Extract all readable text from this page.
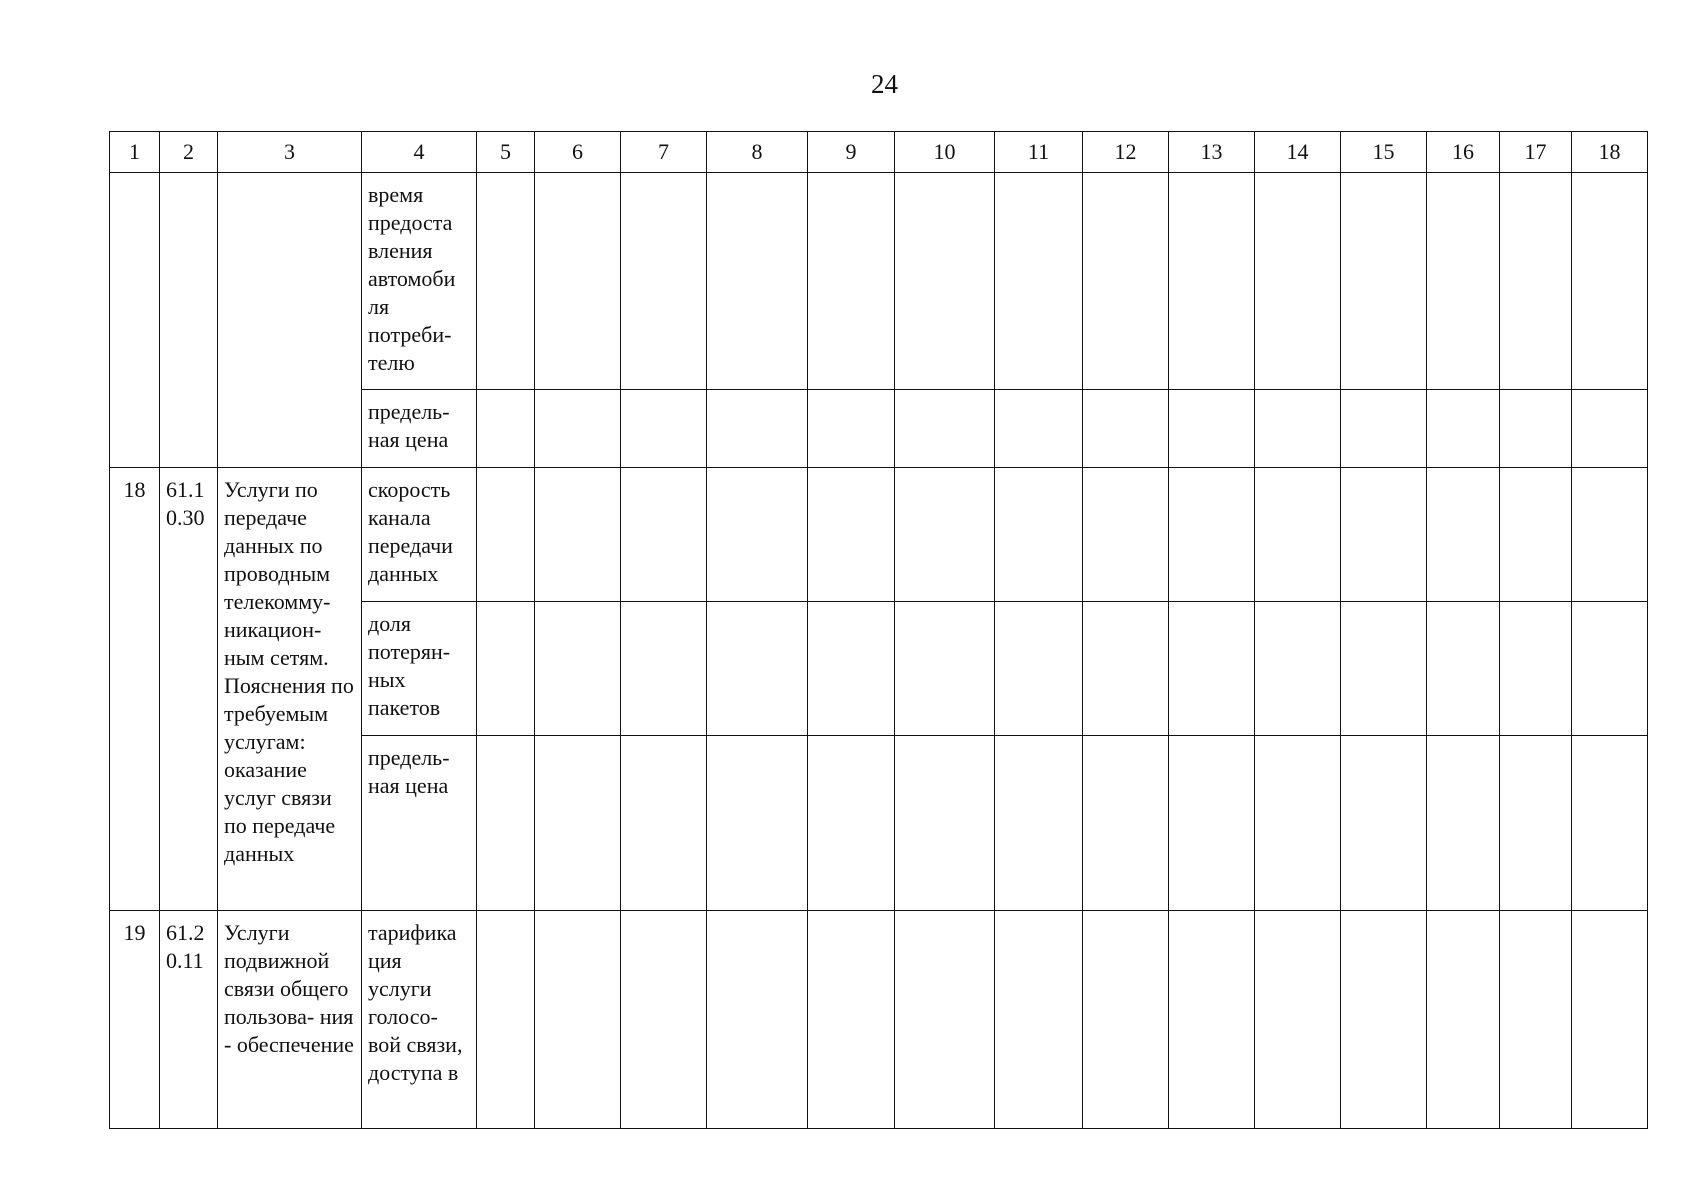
24
1	2	3	4	5	6	7	8	9	10	11	12	13	14	15	16	17	18
			время предоста вления автомоби ля потреби- телю														
			предель- ная цена														
18	61.1 0.30	Услуги по передаче данных по проводным телекомму- никацион- ным сетям. Пояснения по требуемым услугам: оказание услуг связи по передаче данных	скорость канала передачи данных														
			доля потерян- ных пакетов														
			предель- ная цена														
19	61.2 0.11	Услуги подвижной связи общего пользова- ния - обеспечение	тарифика ция услуги голосо- вой связи, доступа в														
